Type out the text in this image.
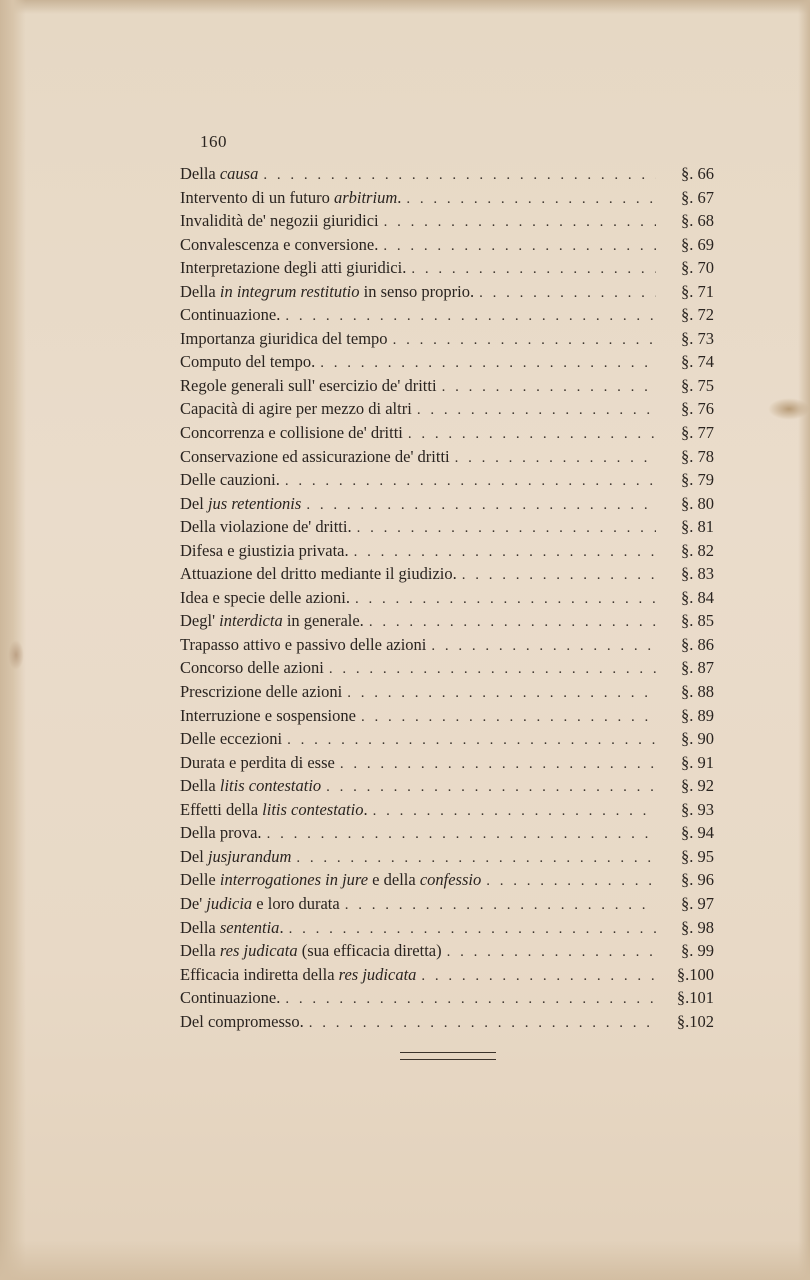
160
Della causa . . .	§. 66
Intervento di un futuro arbitrium. . . .	§. 67
Invalidità de' negozii giuridici . . .	§. 68
Convalescenza e conversione. . . .	§. 69
Interpretazione degli atti giuridici. . . .	§. 70
Della in integrum restitutio in senso proprio. . . .	§. 71
Continuazione. . . .	§. 72
Importanza giuridica del tempo . . .	§. 73
Computo del tempo. . . .	§. 74
Regole generali sull' esercizio de' dritti . . .	§. 75
Capacità di agire per mezzo di altri . . .	§. 76
Concorrenza e collisione de' dritti . . .	§. 77
Conservazione ed assicurazione de' dritti . . .	§. 78
Delle cauzioni. . . .	§. 79
Del jus retentionis . . .	§. 80
Della violazione de' dritti. . . .	§. 81
Difesa e giustizia privata. . . .	§. 82
Attuazione del dritto mediante il giudizio. . . .	§. 83
Idea e specie delle azioni. . . .	§. 84
Degl' interdicta in generale. . . .	§. 85
Trapasso attivo e passivo delle azioni . . .	§. 86
Concorso delle azioni . . .	§. 87
Prescrizione delle azioni . . .	§. 88
Interruzione e sospensione . . .	§. 89
Delle eccezioni . . .	§. 90
Durata e perdita di esse . . .	§. 91
Della litis contestatio . . .	§. 92
Effetti della litis contestatio. . . .	§. 93
Della prova. . . .	§. 94
Del jusjurandum . . .	§. 95
Delle interrogationes in jure e della confessio . . .	§. 96
De' judicia e loro durata . . .	§. 97
Della sententia. . . .	§. 98
Della res judicata (sua efficacia diretta) . . .	§. 99
Efficacia indiretta della res judicata . . .	§.100
Continuazione. . . .	§.101
Del compromesso. . . .	§.102
